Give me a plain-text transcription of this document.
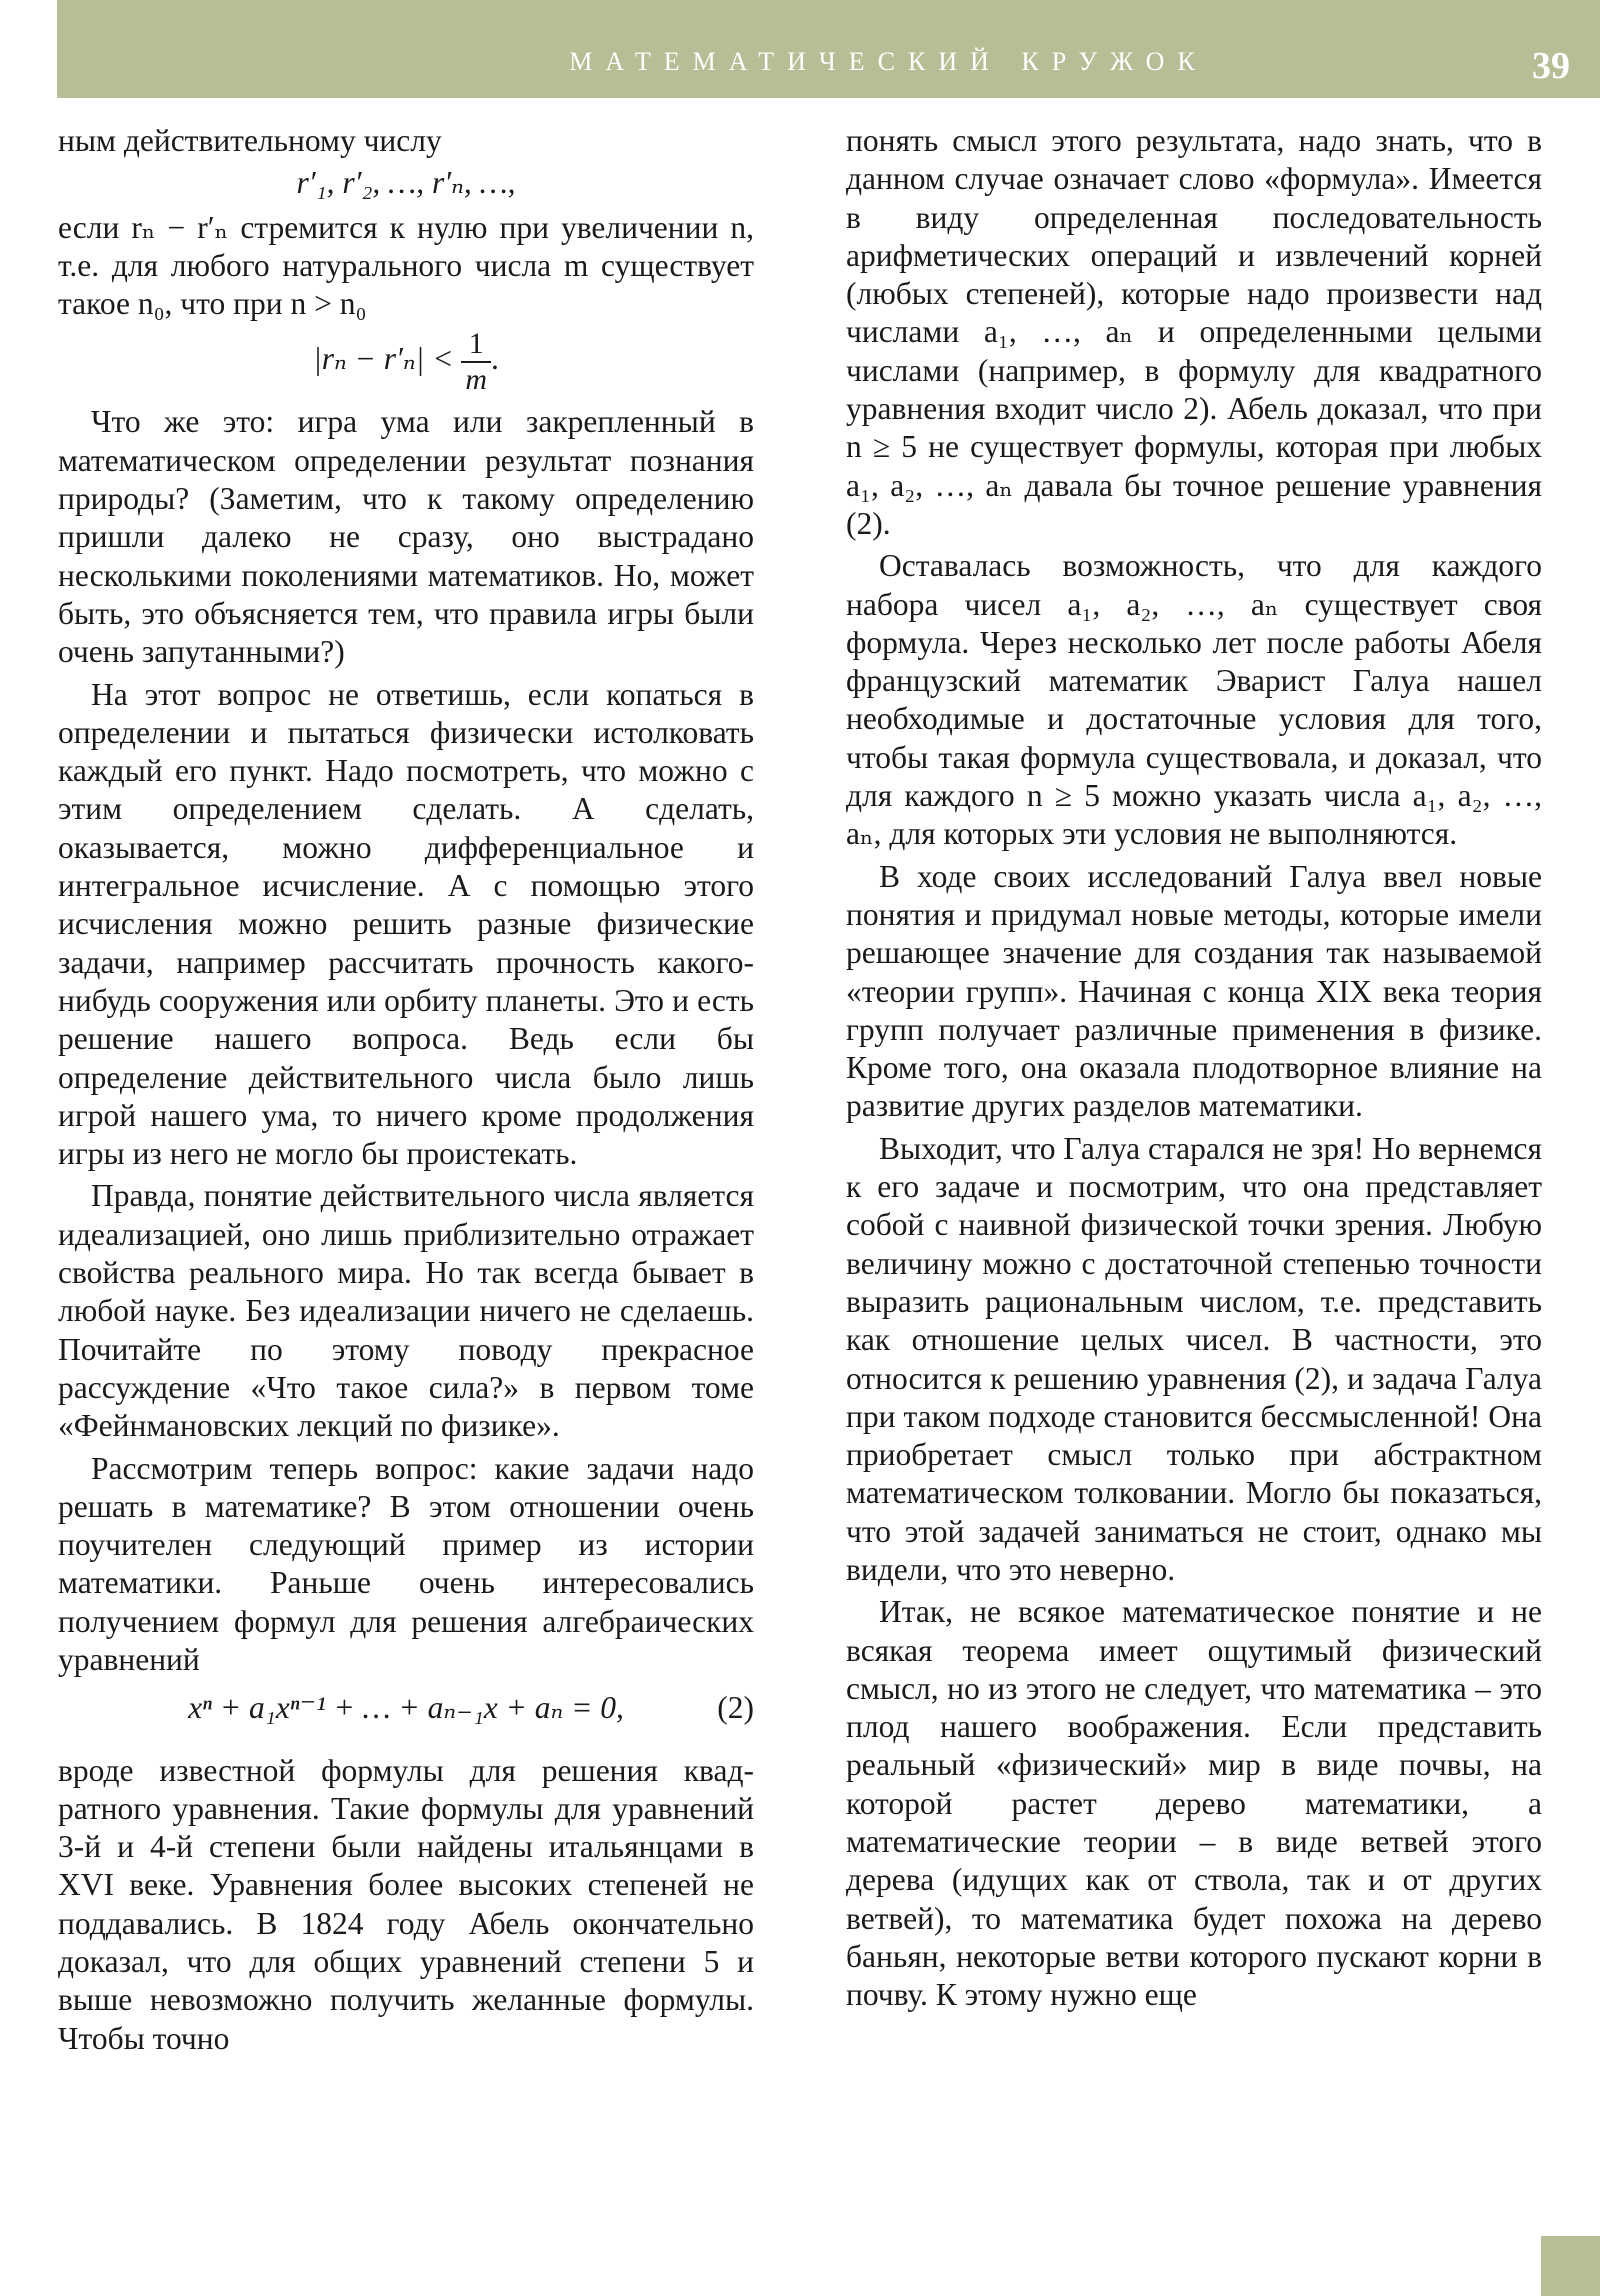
МАТЕМАТИЧЕСКИЙ КРУЖОК	39

ным действительному числу

r′₁, r′₂, …, r′ₙ, …,

если rₙ − r′ₙ стремится к нулю при увеличении n, т.е. для любого натурального числа m существует такое n₀, что при n > n₀

$|r_n - r'_n| < \frac{1}{m}$ .

Что же это: игра ума или закрепленный в математическом определении результат познания природы? (Заметим, что к такому определению пришли далеко не сразу, оно выстрадано несколькими поколениями математиков. Но, может быть, это объясняется тем, что правила игры были очень запутанными?)

На этот вопрос не ответишь, если копаться в определении и пытаться физически истолковать каждый его пункт. Надо посмотреть, что можно с этим определением сделать. А сделать, оказывается, можно дифференциальное и интегральное исчисление. А с помощью этого исчисления можно решить разные физические задачи, например рассчитать прочность какого-нибудь сооружения или орбиту планеты. Это и есть решение нашего вопроса. Ведь если бы определение действительного числа было лишь игрой нашего ума, то ничего кроме продолжения игры из него не могло бы проистекать.

Правда, понятие действительного числа является идеализацией, оно лишь приблизительно отражает свойства реального мира. Но так всегда бывает в любой науке. Без идеализации ничего не сделаешь. Почитайте по этому поводу прекрасное рассуждение «Что такое сила?» в первом томе «Фейнмановских лекций по физике».

Рассмотрим теперь вопрос: какие задачи надо решать в математике? В этом отношении очень поучителен следующий пример из истории математики. Раньше очень интересовались получением формул для решения алгебраических уравнений

xⁿ + a₁xⁿ⁻¹ + … + aₙ₋₁x + aₙ = 0,	(2)

вроде известной формулы для решения квадратного уравнения. Такие формулы для уравнений 3-й и 4-й степени были найдены итальянцами в XVI веке. Уравнения более высоких степеней не поддавались. В 1824 году Абель окончательно доказал, что для общих уравнений степени 5 и выше невозможно получить желанные формулы. Чтобы точно

понять смысл этого результата, надо знать, что в данном случае означает слово «формула». Имеется в виду определенная последовательность арифметических операций и извлечений корней (любых степеней), которые надо произвести над числами a₁, …, aₙ и определенными целыми числами (например, в формулу для квадратного уравнения входит число 2). Абель доказал, что при n ≥ 5 не существует формулы, которая при любых a₁, a₂, …, aₙ давала бы точное решение уравнения (2).

Оставалась возможность, что для каждого набора чисел a₁, a₂, …, aₙ существует своя формула. Через несколько лет после работы Абеля французский математик Эварист Галуа нашел необходимые и достаточные условия для того, чтобы такая формула существовала, и доказал, что для каждого n ≥ 5 можно указать числа a₁, a₂, …, aₙ, для которых эти условия не выполняются.

В ходе своих исследований Галуа ввел новые понятия и придумал новые методы, которые имели решающее значение для создания так называемой «теории групп». Начиная с конца XIX века теория групп получает различные применения в физике. Кроме того, она оказала плодотворное влияние на развитие других разделов математики.

Выходит, что Галуа старался не зря! Но вернемся к его задаче и посмотрим, что она представляет собой с наивной физической точки зрения. Любую величину можно с достаточной степенью точности выразить рациональным числом, т.е. представить как отношение целых чисел. В частности, это относится к решению уравнения (2), и задача Галуа при таком подходе становится бессмысленной! Она приобретает смысл только при абстрактном математическом толковании. Могло бы показаться, что этой задачей заниматься не стоит, однако мы видели, что это неверно.

Итак, не всякое математическое понятие и не всякая теорема имеет ощутимый физический смысл, но из этого не следует, что математика – это плод нашего воображения. Если представить реальный «физический» мир в виде почвы, на которой растет дерево математики, а математические теории – в виде ветвей этого дерева (идущих как от ствола, так и от других ветвей), то математика будет похожа на дерево баньян, некоторые ветви которого пускают корни в почву. К этому нужно еще
